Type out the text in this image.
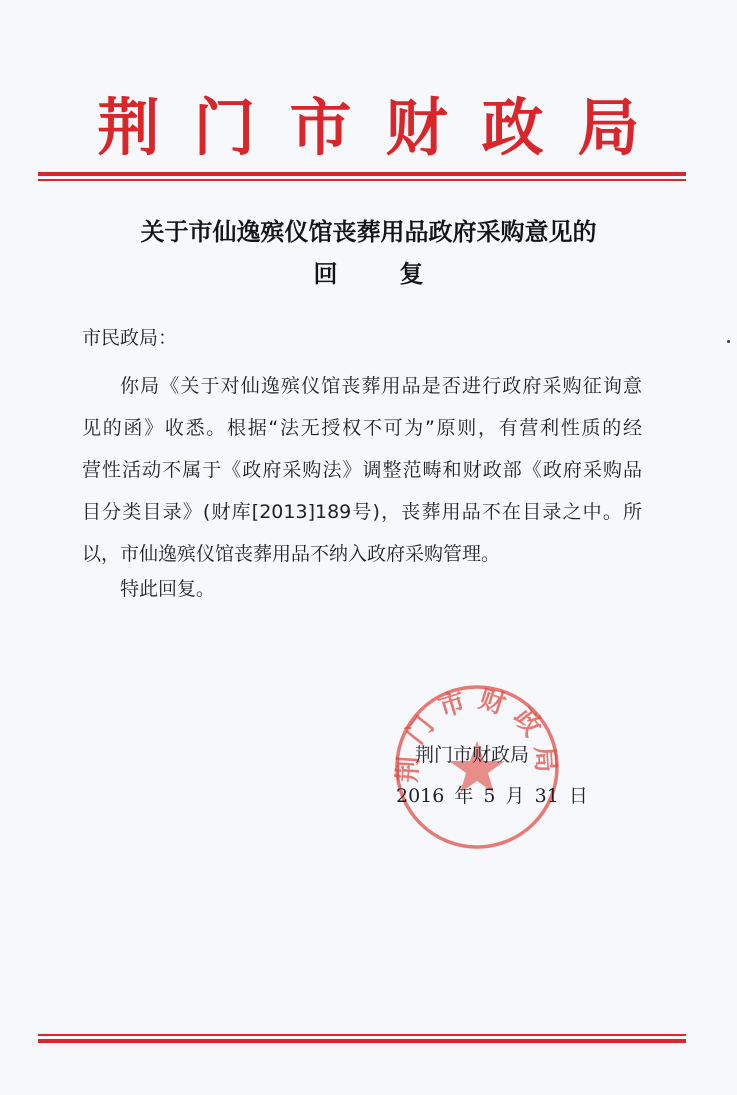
荆门市财政局
关于市仙逸殡仪馆丧葬用品政府采购意见的
回复
市民政局：
你局《关于对仙逸殡仪馆丧葬用品是否进行政府采购征询意
见的函》收悉。根据“法无授权不可为”原则，有营利性质的经
营性活动不属于《政府采购法》调整范畴和财政部《政府采购品
目分类目录》(财库[2013]189号)，丧葬用品不在目录之中。所
以，市仙逸殡仪馆丧葬用品不纳入政府采购管理。
特此回复。
荆门市财政局
荆门市财政局
2016 年 5 月 31 日
